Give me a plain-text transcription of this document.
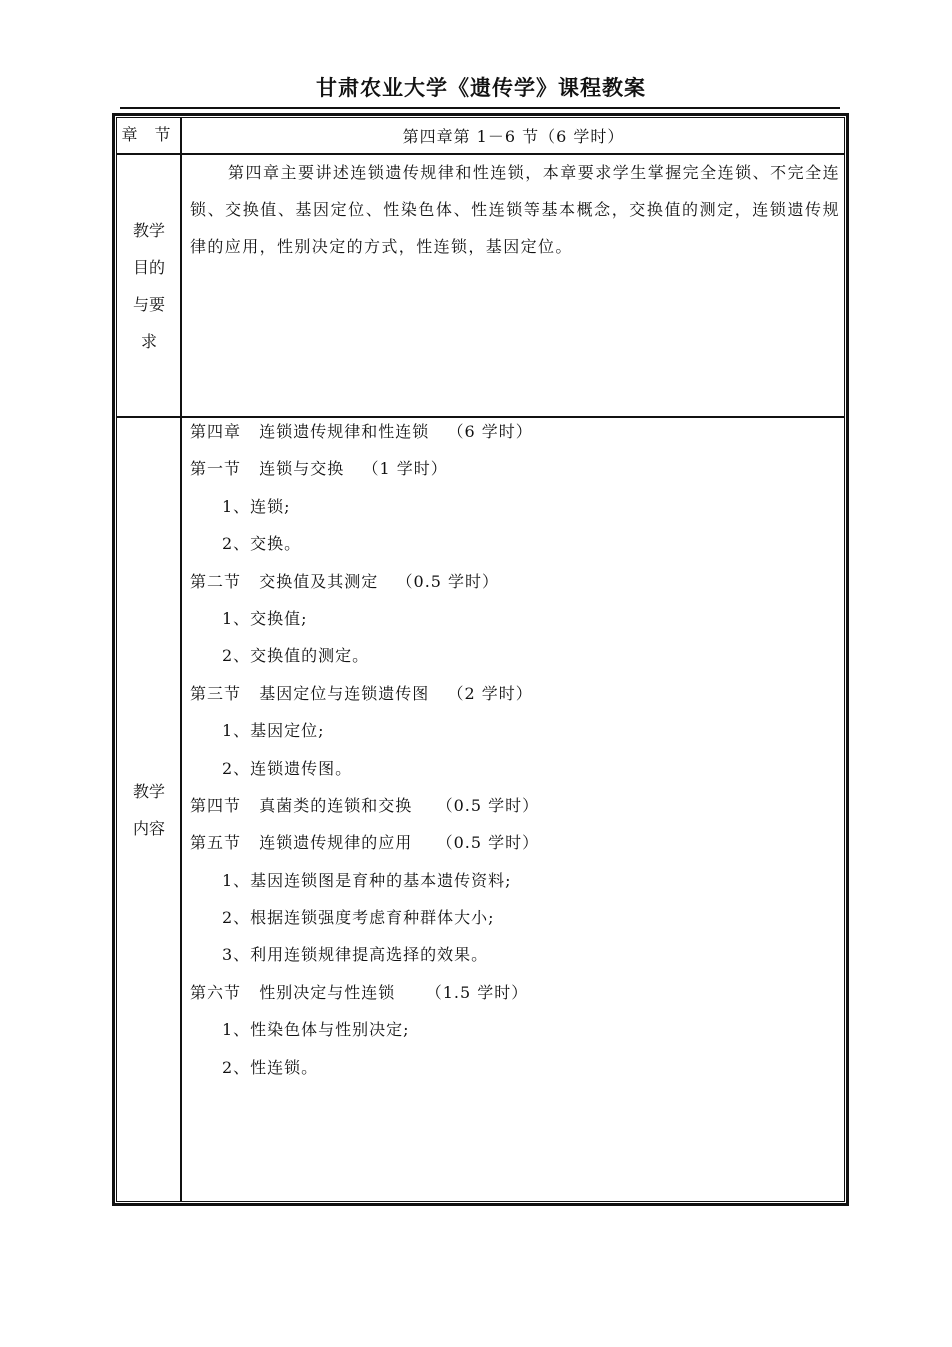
甘肃农业大学《遗传学》课程教案
章 节	第四章第 1－6 节（6 学时）
教学
目的
与要
求

第四章主要讲述连锁遗传规律和性连锁，本章要求学生掌握完全连锁、不完全连锁、交换值、基因定位、性染色体、性连锁等基本概念，交换值的测定，连锁遗传规律的应用，性别决定的方式，性连锁，基因定位。

教学
内容
第四章   连锁遗传规律和性连锁   （6 学时）
第一节   连锁与交换   （1 学时）
1、连锁;
2、交换。
第二节   交换值及其测定   （0.5 学时）
1、交换值;
2、交换值的测定。
第三节   基因定位与连锁遗传图   （2 学时）
1、基因定位;
2、连锁遗传图。
第四节   真菌类的连锁和交换    （0.5 学时）
第五节   连锁遗传规律的应用    （0.5 学时）
1、基因连锁图是育种的基本遗传资料;
2、根据连锁强度考虑育种群体大小;
3、利用连锁规律提高选择的效果。
第六节   性别决定与性连锁     （1.5 学时）
1、性染色体与性别决定;
2、性连锁。
